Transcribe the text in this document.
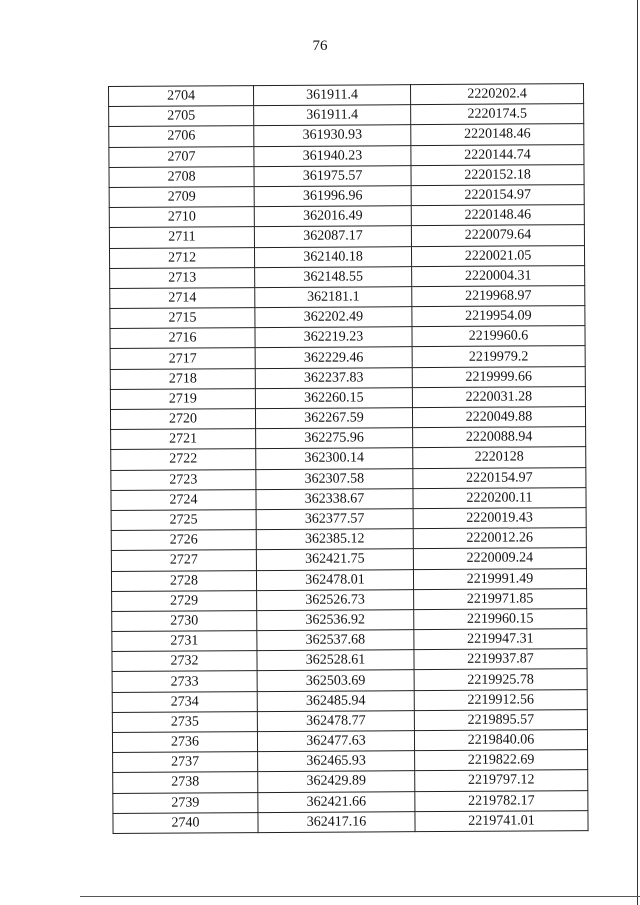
76
2704	361911.4	2220202.4
2705	361911.4	2220174.5
2706	361930.93	2220148.46
2707	361940.23	2220144.74
2708	361975.57	2220152.18
2709	361996.96	2220154.97
2710	362016.49	2220148.46
2711	362087.17	2220079.64
2712	362140.18	2220021.05
2713	362148.55	2220004.31
2714	362181.1	2219968.97
2715	362202.49	2219954.09
2716	362219.23	2219960.6
2717	362229.46	2219979.2
2718	362237.83	2219999.66
2719	362260.15	2220031.28
2720	362267.59	2220049.88
2721	362275.96	2220088.94
2722	362300.14	2220128
2723	362307.58	2220154.97
2724	362338.67	2220200.11
2725	362377.57	2220019.43
2726	362385.12	2220012.26
2727	362421.75	2220009.24
2728	362478.01	2219991.49
2729	362526.73	2219971.85
2730	362536.92	2219960.15
2731	362537.68	2219947.31
2732	362528.61	2219937.87
2733	362503.69	2219925.78
2734	362485.94	2219912.56
2735	362478.77	2219895.57
2736	362477.63	2219840.06
2737	362465.93	2219822.69
2738	362429.89	2219797.12
2739	362421.66	2219782.17
2740	362417.16	2219741.01
